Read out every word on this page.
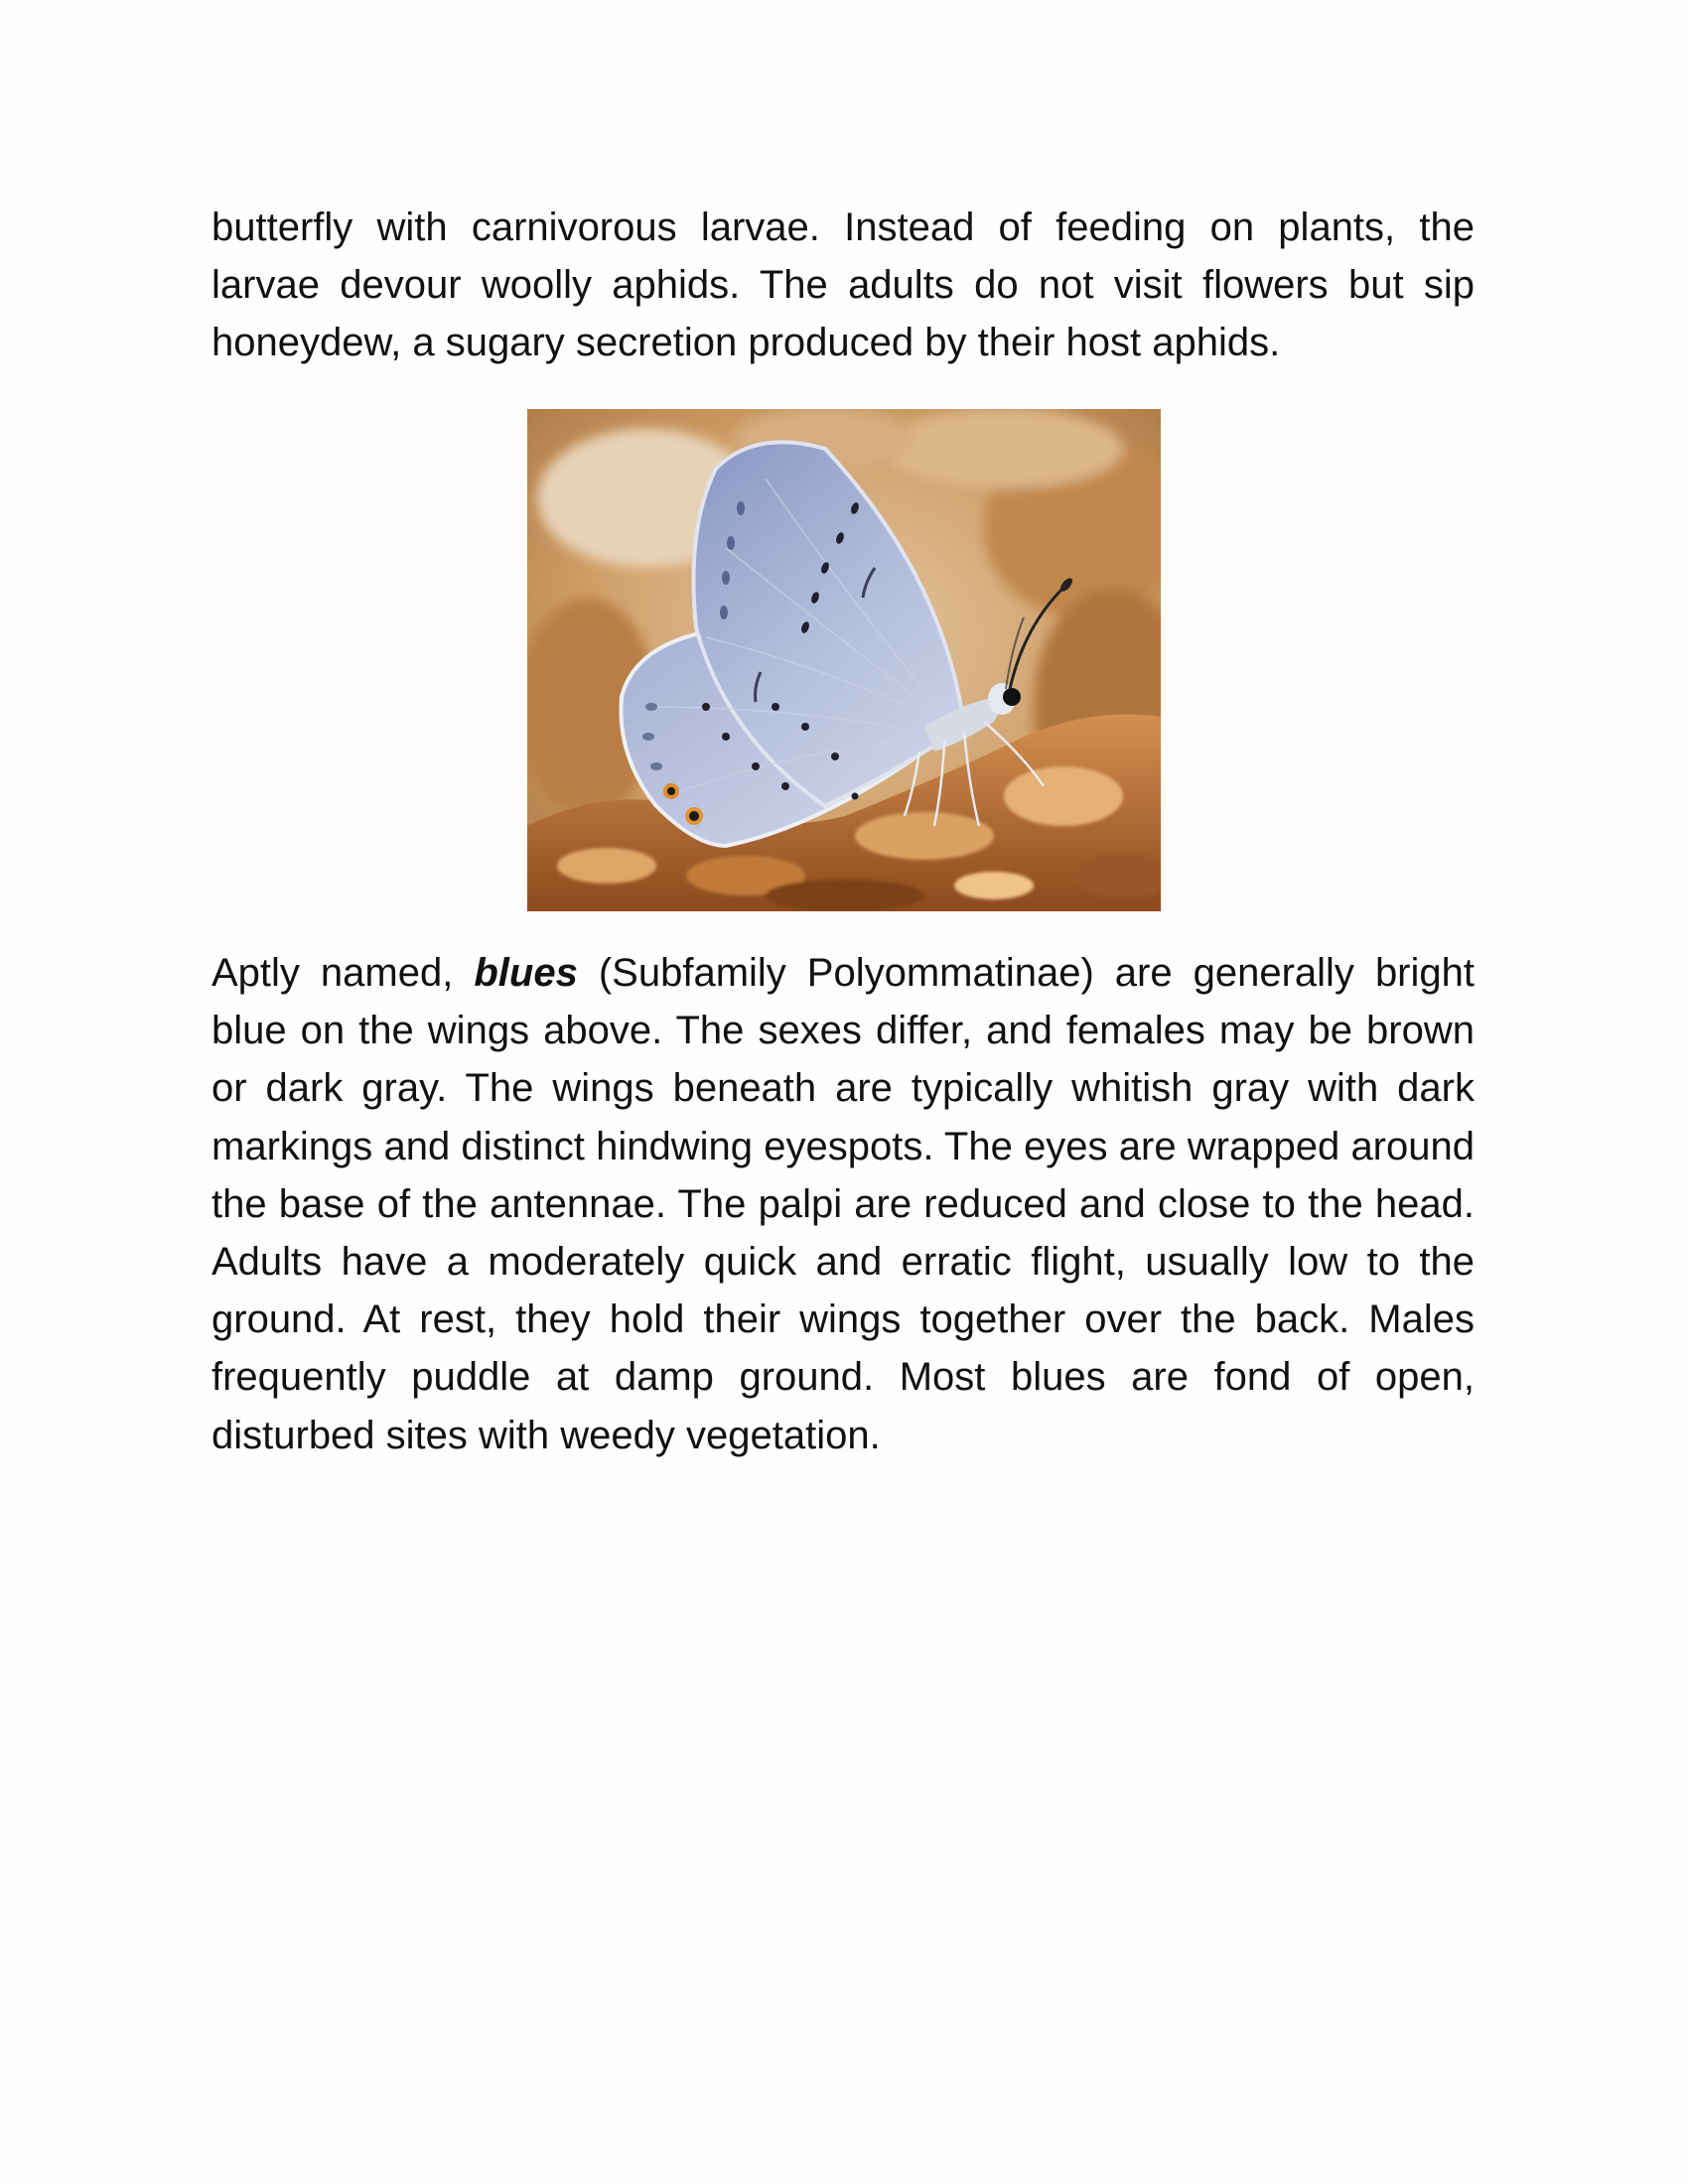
butterfly with carnivorous larvae. Instead of feeding on plants, the larvae devour woolly aphids. The adults do not visit flowers but sip honeydew, a sugary secretion produced by their host aphids.

Aptly named, blues (Subfamily Polyommatinae) are generally bright blue on the wings above. The sexes differ, and females may be brown or dark gray. The wings beneath are typically whitish gray with dark markings and distinct hindwing eyespots. The eyes are wrapped around the base of the antennae. The palpi are reduced and close to the head. Adults have a moderately quick and erratic flight, usually low to the ground. At rest, they hold their wings together over the back. Males frequently puddle at damp ground. Most blues are fond of open, disturbed sites with weedy vegetation.
